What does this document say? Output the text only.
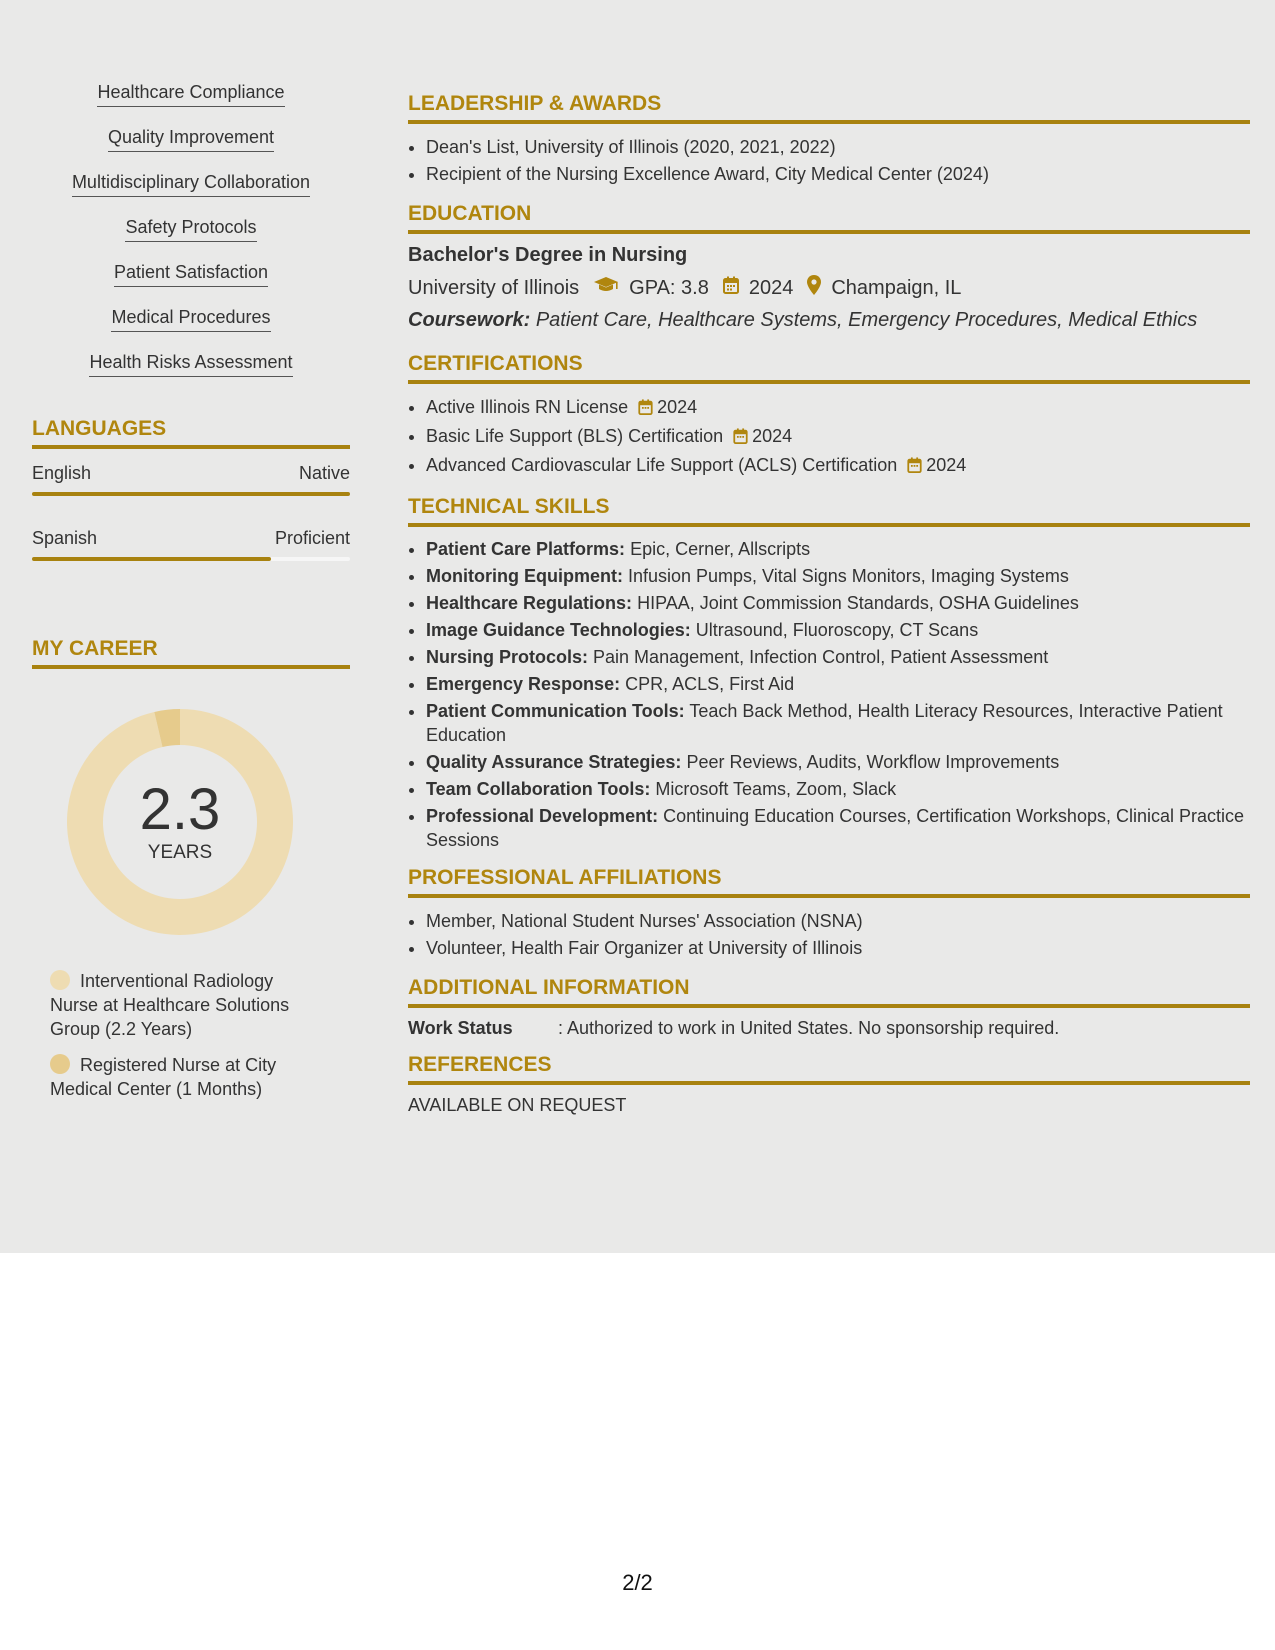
Healthcare Compliance
Quality Improvement
Multidisciplinary Collaboration
Safety Protocols
Patient Satisfaction
Medical Procedures
Health Risks Assessment
LANGUAGES
English	Native
Spanish	Proficient
MY CAREER
2.3
YEARS
Interventional Radiology Nurse at Healthcare Solutions Group (2.2 Years)
Registered Nurse at City Medical Center (1 Months)
LEADERSHIP & AWARDS
• Dean's List, University of Illinois (2020, 2021, 2022)
• Recipient of the Nursing Excellence Award, City Medical Center (2024)
EDUCATION
Bachelor's Degree in Nursing
University of Illinois	GPA: 3.8 2024 Champaign, IL
Coursework: Patient Care, Healthcare Systems, Emergency Procedures, Medical Ethics
CERTIFICATIONS
• Active Illinois RN License 2024
• Basic Life Support (BLS) Certification 2024
• Advanced Cardiovascular Life Support (ACLS) Certification 2024
TECHNICAL SKILLS
• Patient Care Platforms: Epic, Cerner, Allscripts
• Monitoring Equipment: Infusion Pumps, Vital Signs Monitors, Imaging Systems
• Healthcare Regulations: HIPAA, Joint Commission Standards, OSHA Guidelines
• Image Guidance Technologies: Ultrasound, Fluoroscopy, CT Scans
• Nursing Protocols: Pain Management, Infection Control, Patient Assessment
• Emergency Response: CPR, ACLS, First Aid
• Patient Communication Tools: Teach Back Method, Health Literacy Resources, Interactive Patient Education
• Quality Assurance Strategies: Peer Reviews, Audits, Workflow Improvements
• Team Collaboration Tools: Microsoft Teams, Zoom, Slack
• Professional Development: Continuing Education Courses, Certification Workshops, Clinical Practice Sessions
PROFESSIONAL AFFILIATIONS
• Member, National Student Nurses' Association (NSNA)
• Volunteer, Health Fair Organizer at University of Illinois
ADDITIONAL INFORMATION
Work Status	: Authorized to work in United States. No sponsorship required.
REFERENCES
AVAILABLE ON REQUEST
2/2
